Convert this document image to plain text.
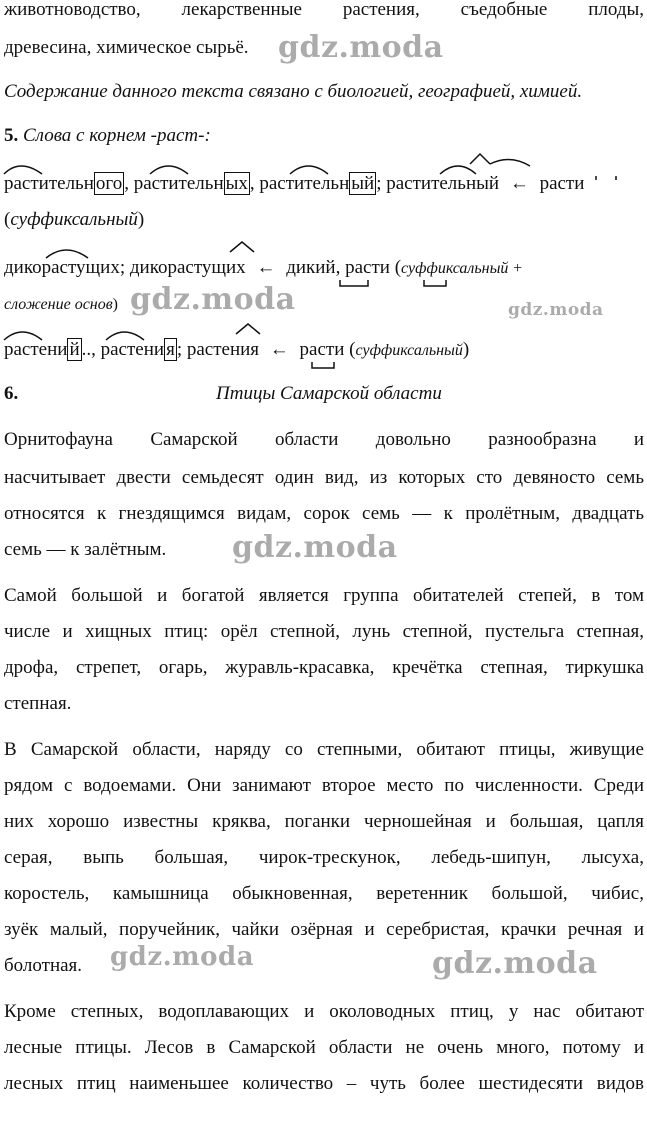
животноводство, лекарственные растения, съедобные плоды,
древесина, химическое сырьё. gdz.moda
Содержание данного текста связано с биологией, географией, химией.
5. Слова с корнем -раст-:
растительн ого , растительн ых , растительн ый ; растительный ← расти
(суффиксальный)
дикорастущих; дикорастущих ← дикий, расти (суффиксальный +
сложение основ) gdz.moda	gdz.moda
растени й .., растени я ; растения ← расти (суффиксальный)
6.	Птицы Самарской области
Орнитофауна Самарской области довольно разнообразна и
насчитывает двести семьдесят один вид, из которых сто девяносто семь
относятся к гнездящимся видам, сорок семь — к пролётным, двадцать
семь — к залётным.	gdz.moda
Самой большой и богатой является группа обитателей степей, в том
числе и хищных птиц: орёл степной, лунь степной, пустельга степная,
дрофа, стрепет, огарь, журавль-красавка, кречётка степная, тиркушка
степная.
В Самарской области, наряду со степными, обитают птицы, живущие
рядом с водоемами. Они занимают второе место по численности. Среди
них хорошо известны кряква, поганки черношейная и большая, цапля
серая, выпь большая, чирок-трескунок, лебедь-шипун, лысуха,
коростель, камышница обыкновенная, веретенник большой, чибис,
зуёк малый, поручейник, чайки озёрная и серебристая, крачки речная и
болотная.	gdz.moda	gdz.moda
Кроме степных, водоплавающих и околоводных птиц, у нас обитают
лесные птицы. Лесов в Самарской области не очень много, потому и
лесных птиц наименьшее количество – чуть более шестидесяти видов
